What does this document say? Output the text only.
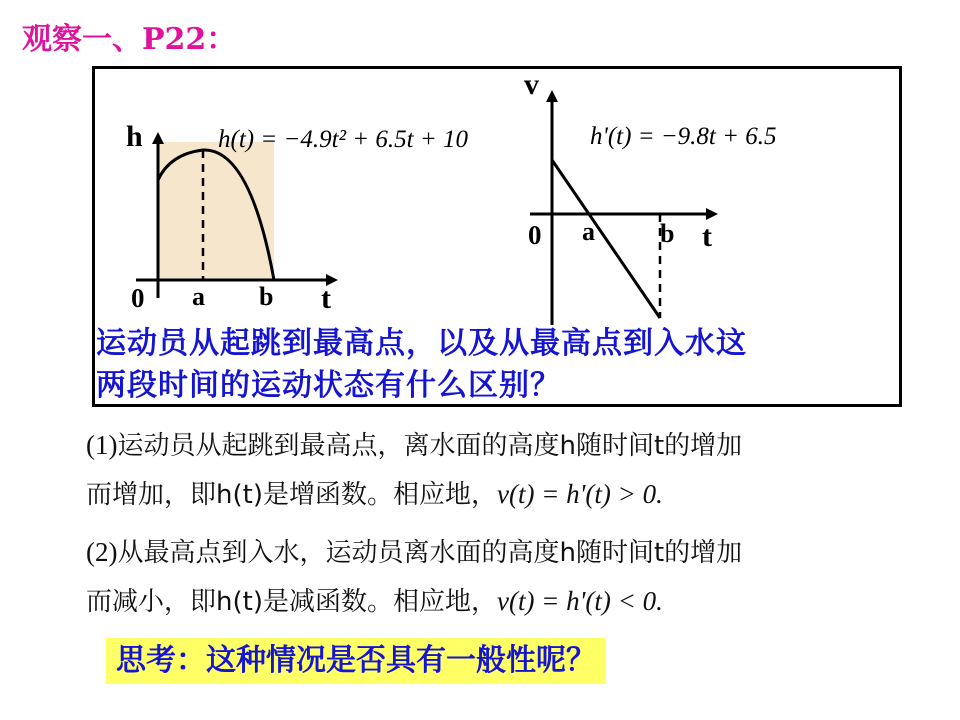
观察一、P22：
h
t
0 a b
h(t) = −4.9t² + 6.5t + 10
v
t
0 a	b
h'(t) = −9.8t + 6.5
运动员从起跳到最高点，以及从最高点到入水这
两段时间的运动状态有什么区别？
(1)运动员从起跳到最高点，离水面的高度h随时间t的增加
而增加，即h(t)是增函数。相应地，v(t) = h'(t) > 0.
(2)从最高点到入水，运动员离水面的高度h随时间t的增加
而减小，即h(t)是减函数。相应地，v(t) = h'(t) < 0.
思考：这种情况是否具有一般性呢？
